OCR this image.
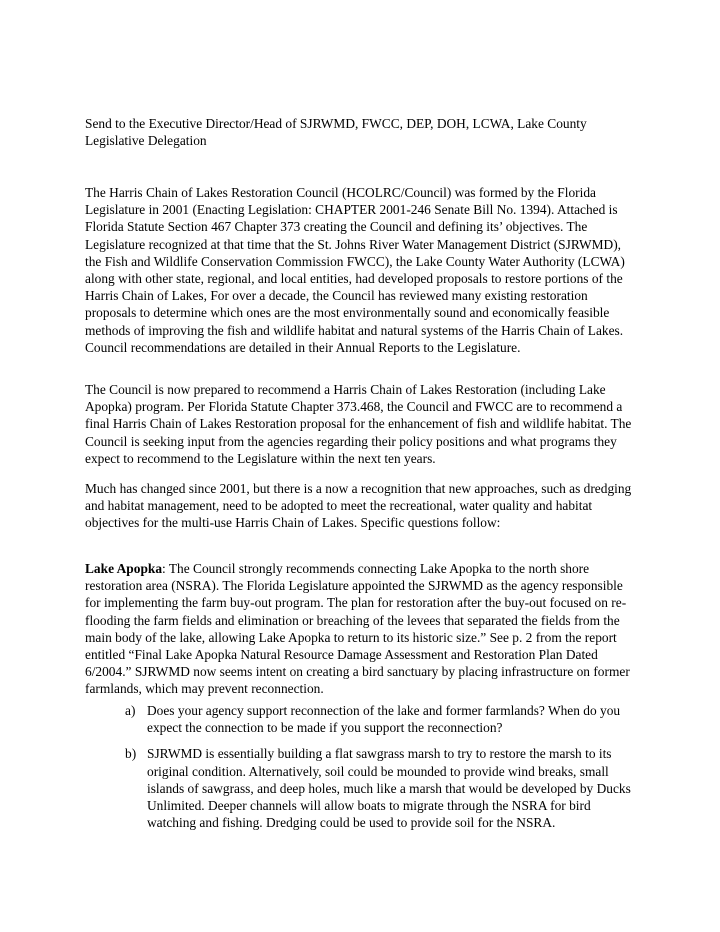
Send to the Executive Director/Head of SJRWMD, FWCC, DEP, DOH, LCWA, Lake County Legislative Delegation

The Harris Chain of Lakes Restoration Council (HCOLRC/Council) was formed by the Florida Legislature in 2001 (Enacting Legislation: CHAPTER 2001-246 Senate Bill No. 1394). Attached is Florida Statute Section 467 Chapter 373 creating the Council and defining its’ objectives. The Legislature recognized at that time that the St. Johns River Water Management District (SJRWMD), the Fish and Wildlife Conservation Commission FWCC), the Lake County Water Authority (LCWA) along with other state, regional, and local entities, had developed proposals to restore portions of the Harris Chain of Lakes, For over a decade, the Council has reviewed many existing restoration proposals to determine which ones are the most environmentally sound and economically feasible methods of improving the fish and wildlife habitat and natural systems of the Harris Chain of Lakes. Council recommendations are detailed in their Annual Reports to the Legislature.

The Council is now prepared to recommend a Harris Chain of Lakes Restoration (including Lake Apopka) program. Per Florida Statute Chapter 373.468, the Council and FWCC are to recommend a final Harris Chain of Lakes Restoration proposal for the enhancement of fish and wildlife habitat. The Council is seeking input from the agencies regarding their policy positions and what programs they expect to recommend to the Legislature within the next ten years.

Much has changed since 2001, but there is a now a recognition that new approaches, such as dredging and habitat management, need to be adopted to meet the recreational, water quality and habitat objectives for the multi-use Harris Chain of Lakes. Specific questions follow:

Lake Apopka: The Council strongly recommends connecting Lake Apopka to the north shore restoration area (NSRA). The Florida Legislature appointed the SJRWMD as the agency responsible for implementing the farm buy-out program. The plan for restoration after the buy-out focused on re-flooding the farm fields and elimination or breaching of the levees that separated the fields from the main body of the lake, allowing Lake Apopka to return to its historic size.” See p. 2 from the report entitled “Final Lake Apopka Natural Resource Damage Assessment and Restoration Plan Dated 6/2004.” SJRWMD now seems intent on creating a bird sanctuary by placing infrastructure on former farmlands, which may prevent reconnection.

a) Does your agency support reconnection of the lake and former farmlands? When do you expect the connection to be made if you support the reconnection?
b) SJRWMD is essentially building a flat sawgrass marsh to try to restore the marsh to its original condition. Alternatively, soil could be mounded to provide wind breaks, small islands of sawgrass, and deep holes, much like a marsh that would be developed by Ducks Unlimited. Deeper channels will allow boats to migrate through the NSRA for bird watching and fishing. Dredging could be used to provide soil for the NSRA.
